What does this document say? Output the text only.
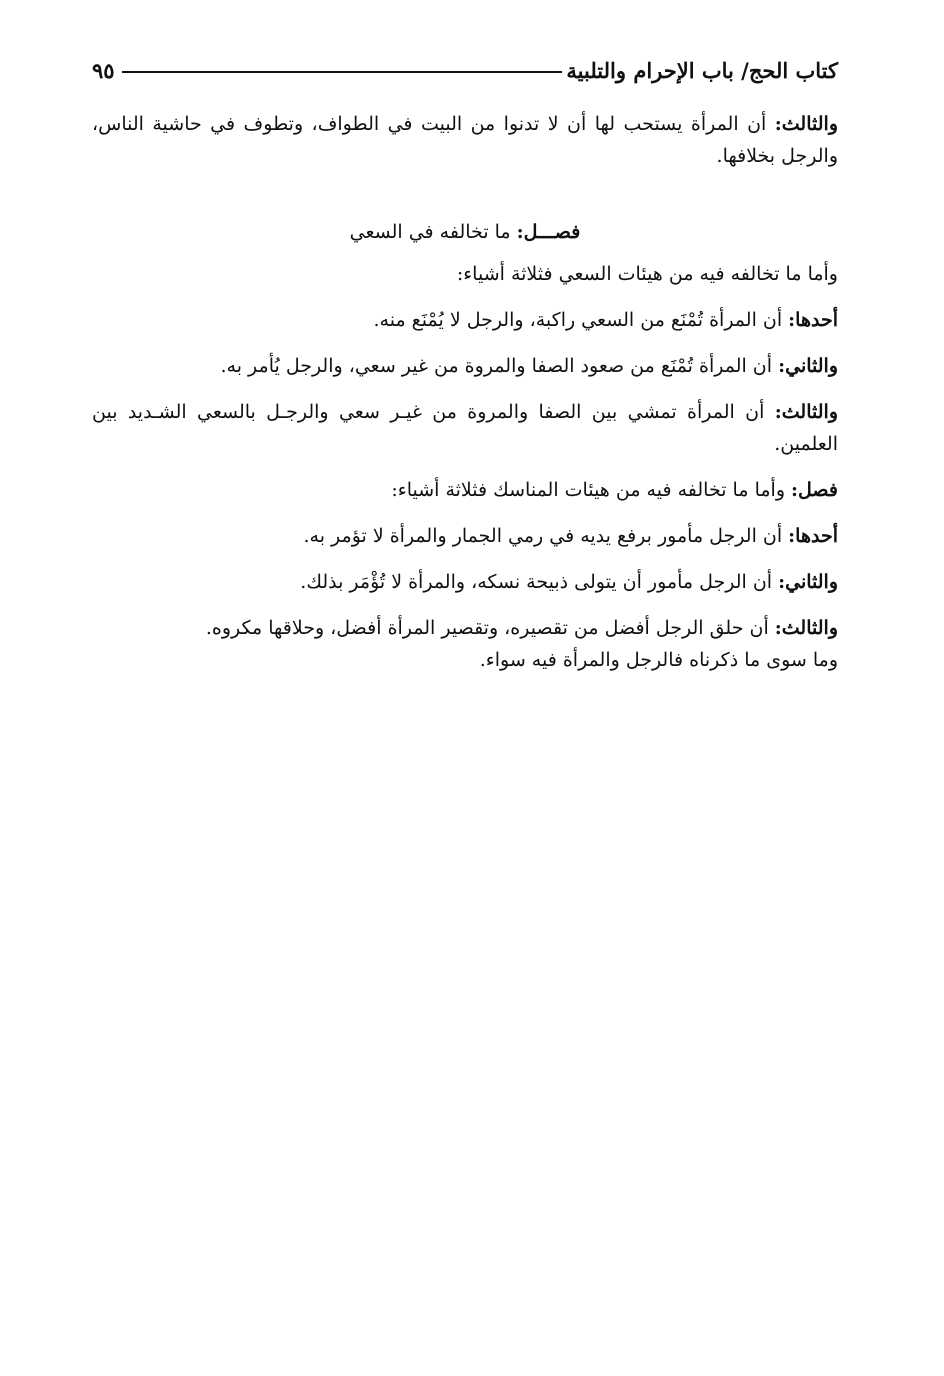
كتاب الحج/ باب الإحرام والتلبية
٩٥

والثالث: أن المرأة يستحب لها أن لا تدنوا من البيت في الطواف، وتطوف في حاشية الناس، والرجل بخلافها.

فصـــل: ما تخالفه في السعي

وأما ما تخالفه فيه من هيئات السعي فثلاثة أشياء:

أحدها: أن المرأة تُمْنَع من السعي راكبة، والرجل لا يُمْنَع منه.

والثاني: أن المرأة تُمْنَع من صعود الصفا والمروة من غير سعي، والرجل يُأمر به.

والثالث: أن المرأة تمشي بين الصفا والمروة من غيـر سعي والرجـل بالسعي الشـديد بين العلمين.

فصل: وأما ما تخالفه فيه من هيئات المناسك فثلاثة أشياء:

أحدها: أن الرجل مأمور برفع يديه في رمي الجمار والمرأة لا تؤمر به.

والثاني: أن الرجل مأمور أن يتولى ذبيحة نسكه، والمرأة لا تُؤْمَر بذلك.

والثالث: أن حلق الرجل أفضل من تقصيره، وتقصير المرأة أفضل، وحلاقها مكروه.

وما سوى ما ذكرناه فالرجل والمرأة فيه سواء.
